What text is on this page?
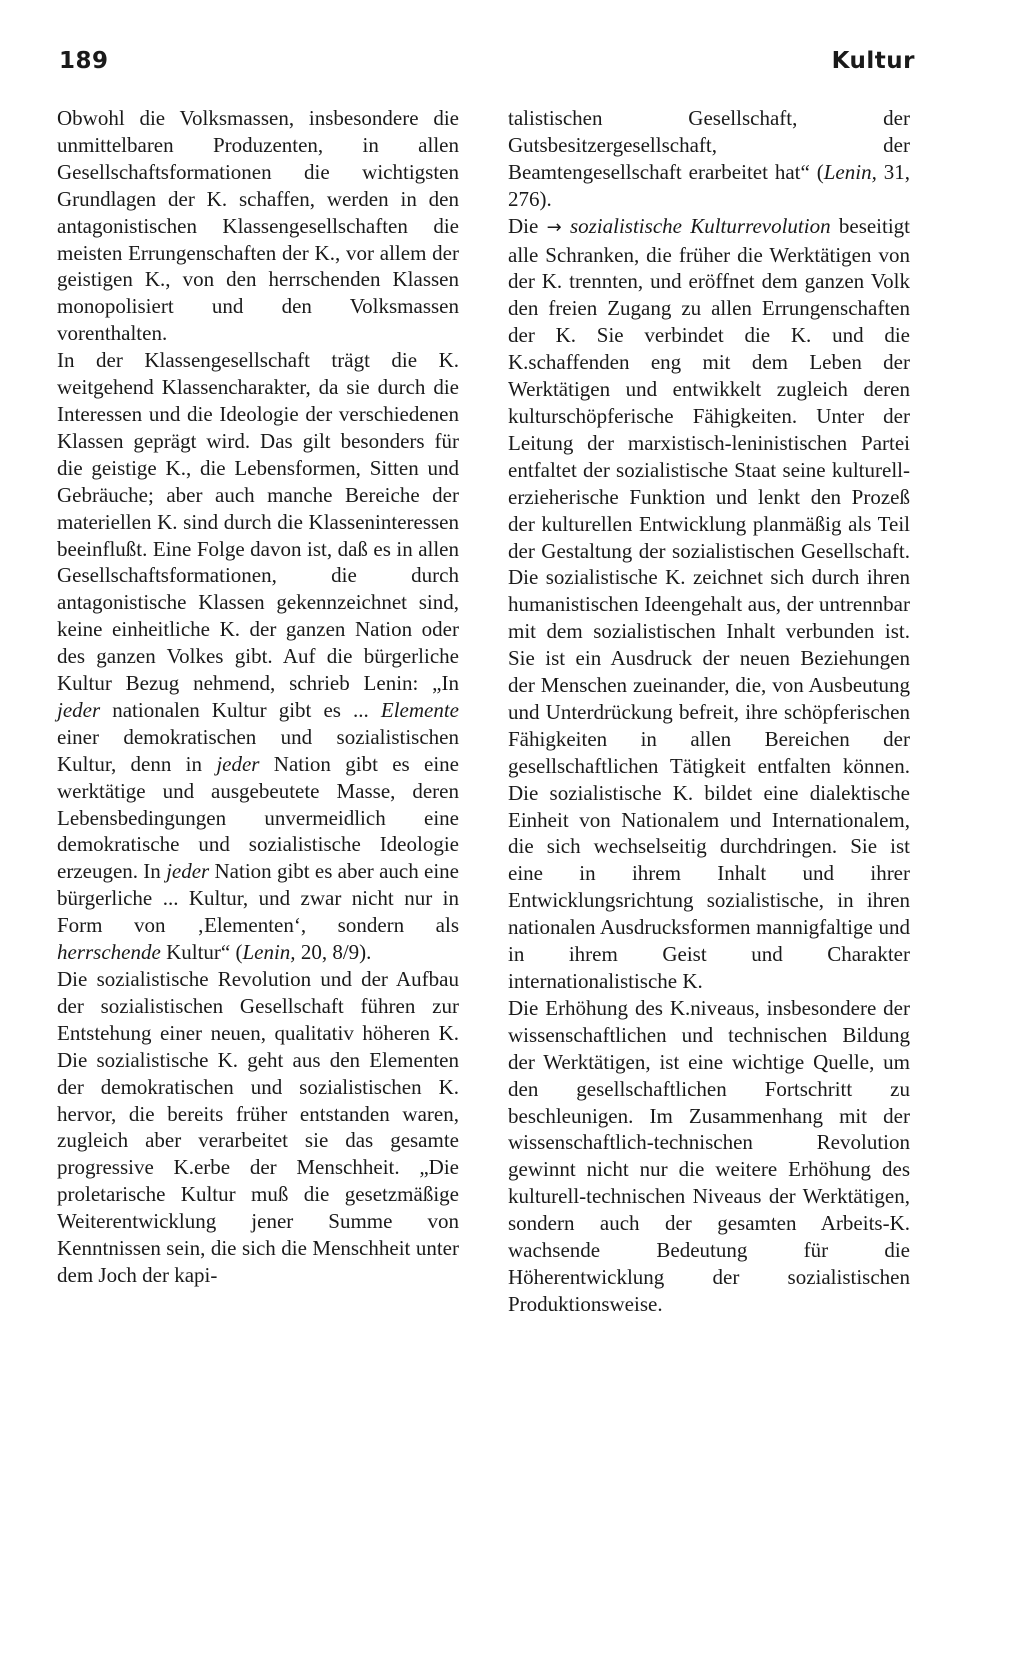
189	Kultur

Obwohl die Volksmassen, insbesondere die unmittelbaren Produzenten, in allen Gesellschaftsformationen die wichtigsten Grundlagen der K. schaffen, werden in den antagonistischen Klassengesellschaften die meisten Errungenschaften der K., vor allem der geistigen K., von den herrschenden Klassen monopolisiert und den Volksmassen vorenthalten.

In der Klassengesellschaft trägt die K. weitgehend Klassencharakter, da sie durch die Interessen und die Ideologie der verschiedenen Klassen geprägt wird. Das gilt besonders für die geistige K., die Lebensformen, Sitten und Gebräuche; aber auch manche Bereiche der materiellen K. sind durch die Klasseninteressen beeinflußt. Eine Folge davon ist, daß es in allen Gesellschaftsformationen, die durch antagonistische Klassen gekennzeichnet sind, keine einheitliche K. der ganzen Nation oder des ganzen Volkes gibt. Auf die bürgerliche Kultur Bezug nehmend, schrieb Lenin: „In jeder nationalen Kultur gibt es ... Elemente einer demokratischen und sozialistischen Kultur, denn in jeder Nation gibt es eine werktätige und ausgebeutete Masse, deren Lebensbedingungen unvermeidlich eine demokratische und sozialistische Ideologie erzeugen. In jeder Nation gibt es aber auch eine bürgerliche ... Kultur, und zwar nicht nur in Form von ‚Elementen‘, sondern als herrschende Kultur“ (Lenin, 20, 8/9).

Die sozialistische Revolution und der Aufbau der sozialistischen Gesellschaft führen zur Entstehung einer neuen, qualitativ höheren K. Die sozialistische K. geht aus den Elementen der demokratischen und sozialistischen K. hervor, die bereits früher entstanden waren, zugleich aber verarbeitet sie das gesamte progressive K.erbe der Menschheit. „Die proletarische Kultur muß die gesetzmäßige Weiterentwicklung jener Summe von Kenntnissen sein, die sich die Menschheit unter dem Joch der kapi-

talistischen Gesellschaft, der Gutsbesitzergesellschaft, der Beamtengesellschaft erarbeitet hat“ (Lenin, 31, 276).

Die → sozialistische Kulturrevolution beseitigt alle Schranken, die früher die Werktätigen von der K. trennten, und eröffnet dem ganzen Volk den freien Zugang zu allen Errungenschaften der K. Sie verbindet die K. und die K.schaffenden eng mit dem Leben der Werktätigen und entwikkelt zugleich deren kulturschöpferische Fähigkeiten. Unter der Leitung der marxistisch-leninistischen Partei entfaltet der sozialistische Staat seine kulturell-erzieherische Funktion und lenkt den Prozeß der kulturellen Entwicklung planmäßig als Teil der Gestaltung der sozialistischen Gesellschaft. Die sozialistische K. zeichnet sich durch ihren humanistischen Ideengehalt aus, der untrennbar mit dem sozialistischen Inhalt verbunden ist. Sie ist ein Ausdruck der neuen Beziehungen der Menschen zueinander, die, von Ausbeutung und Unterdrückung befreit, ihre schöpferischen Fähigkeiten in allen Bereichen der gesellschaftlichen Tätigkeit entfalten können. Die sozialistische K. bildet eine dialektische Einheit von Nationalem und Internationalem, die sich wechselseitig durchdringen. Sie ist eine in ihrem Inhalt und ihrer Entwicklungsrichtung sozialistische, in ihren nationalen Ausdrucksformen mannigfaltige und in ihrem Geist und Charakter internationalistische K.

Die Erhöhung des K.niveaus, insbesondere der wissenschaftlichen und technischen Bildung der Werktätigen, ist eine wichtige Quelle, um den gesellschaftlichen Fortschritt zu beschleunigen. Im Zusammenhang mit der wissenschaftlich-technischen Revolution gewinnt nicht nur die weitere Erhöhung des kulturell-technischen Niveaus der Werktätigen, sondern auch der gesamten Arbeits-K. wachsende Bedeutung für die Höherentwicklung der sozialistischen Produktionsweise.
